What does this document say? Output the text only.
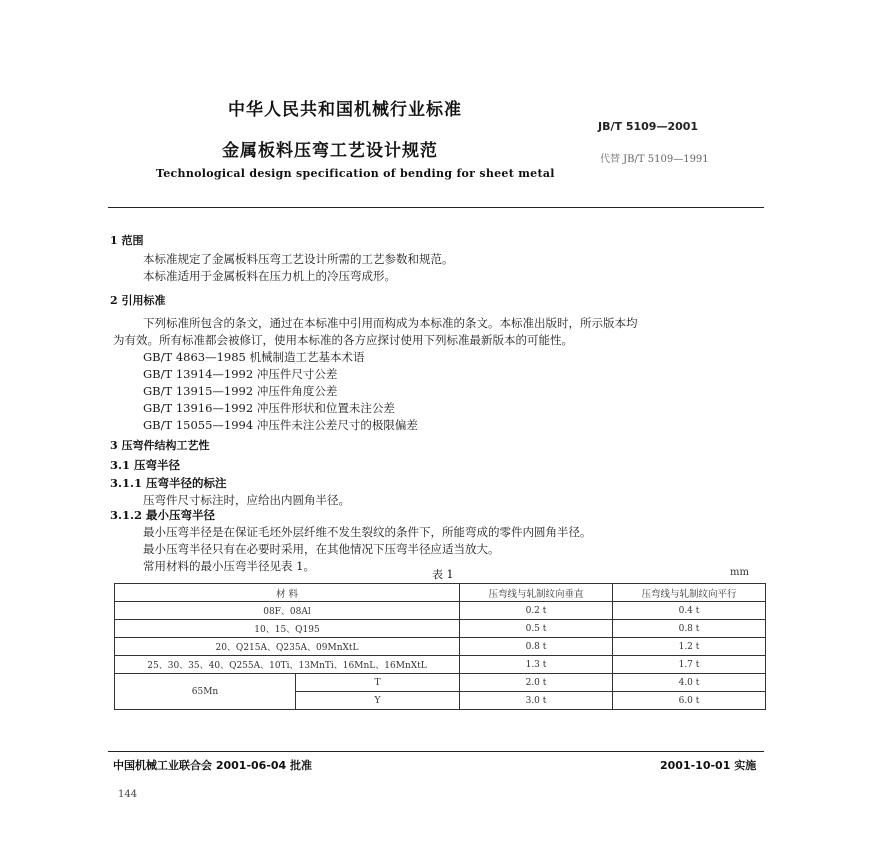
中华人民共和国机械行业标准
JB/T 5109—2001
金属板料压弯工艺设计规范	代替 JB/T 5109—1991
Technological design specification of bending for sheet metal
1 范围
本标准规定了金属板料压弯工艺设计所需的工艺参数和规范。
本标准适用于金属板料在压力机上的冷压弯成形。
2 引用标准
下列标准所包含的条文，通过在本标准中引用而构成为本标准的条文。本标准出版时，所示版本均
为有效。所有标准都会被修订，使用本标准的各方应探讨使用下列标准最新版本的可能性。
GB/T 4863—1985 机械制造工艺基本术语
GB/T 13914—1992 冲压件尺寸公差
GB/T 13915—1992 冲压件角度公差
GB/T 13916—1992 冲压件形状和位置未注公差
GB/T 15055—1994 冲压件未注公差尺寸的极限偏差
3 压弯件结构工艺性
3.1 压弯半径
3.1.1 压弯半径的标注
压弯件尺寸标注时，应给出内圆角半径。
3.1.2 最小压弯半径
最小压弯半径是在保证毛坯外层纤维不发生裂纹的条件下，所能弯成的零件内圆角半径。
最小压弯半径只有在必要时采用，在其他情况下压弯半径应适当放大。
常用材料的最小压弯半径见表 1。
表 1	mm
材 料		压弯线与轧制纹向垂直	压弯线与轧制纹向平行
08F、08Al		0.2 t	0.4 t
10、15、Q195		0.5 t	0.8 t
20、Q215A、Q235A、09MnXtL		0.8 t	1.2 t
25、30、35、40、Q255A、10Ti、13MnTi、16MnL、16MnXtL		1.3 t	1.7 t
65Mn	T	2.0 t	4.0 t
	Y	3.0 t	6.0 t
中国机械工业联合会 2001-06-04 批准	2001-10-01 实施
144
